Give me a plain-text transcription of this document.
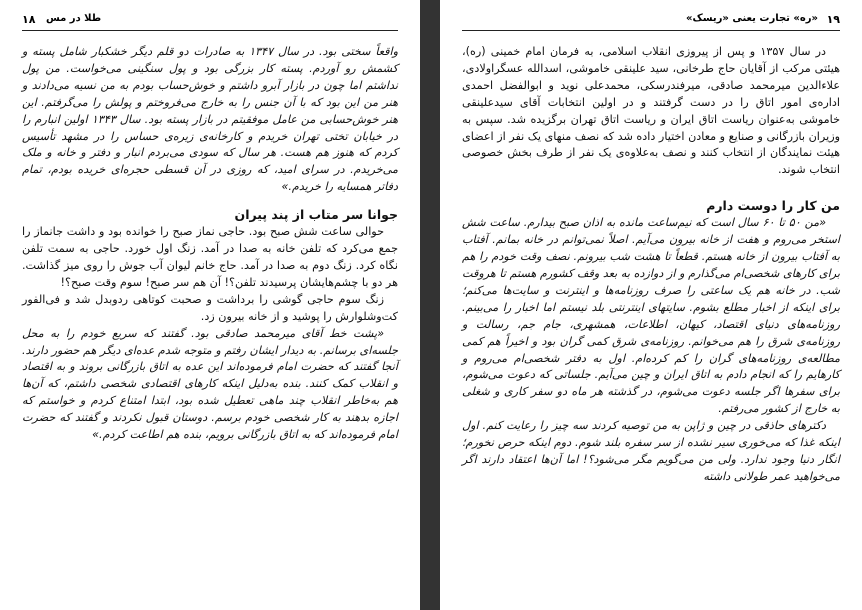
۱۸ طلا در مس

واقعاً سختی بود. در سال ۱۳۴۷ به صادرات دو قلم دیگر خشکبار شامل پسته و کشمش رو آوردم. پسته کار بزرگی بود و پول سنگینی می‌خواست. من پول نداشتم اما چون در بازار آبرو داشتم و خوش‌حساب بودم به من نسیه می‌دادند و هنر من این بود که با آن جنس را به خارج می‌فروختم و پولش را می‌گرفتم. این هنر خوش‌حسابی من عامل موفقیتم در بازار پسته بود. سال ۱۳۴۳ اولین انبارم را در خیابان تختی تهران خریدم و کارخانه‌ی زیره‌ی حساس را در مشهد تأسیس کردم که هنوز هم هست. هر سال که سودی می‌بردم انبار و دفتر و خانه و ملک می‌خریدم. در سرای امید، که روزی در آن قسطی حجره‌ای خریده بودم، تمام دفاتر همسایه را خریدم.»

جوانا سر متاب از پند پیران

حوالی ساعت شش صبح بود. حاجی نماز صبح را خوانده بود و داشت جانماز را جمع می‌کرد که تلفن خانه به صدا در آمد. زنگ اول خورد. حاجی به سمت تلفن نگاه کرد. زنگ دوم به صدا در آمد. حاج خانم لیوان آب جوش را روی میز گذاشت. هر دو با چشم‌هایشان پرسیدند تلفن؟! آن هم سر صبح! سوم وقت صبح؟!

زنگ سوم حاجی گوشی را برداشت و صحبت کوتاهی ردوبدل شد و فی‌الفور کت‌وشلوارش را پوشید و از خانه بیرون زد.

«پشت خط آقای میرمحمد صادقی بود. گفتند که سریع خودم را به محل جلسه‌ای برسانم. به دیدار ایشان رفتم و متوجه شدم عده‌ای دیگر هم حضور دارند. آنجا گفتند که حضرت امام فرموده‌اند این عده به اتاق بازرگانی بروند و به اقتصاد و انقلاب کمک کنند. بنده به‌دلیل اینکه کارهای اقتصادی شخصی داشتم، که آن‌ها هم به‌خاطر انقلاب چند ماهی تعطیل شده بود، ابتدا امتناع کردم و خواستم که اجازه بدهند به کار شخصی خودم برسم. دوستان قبول نکردند و گفتند که حضرت امام فرموده‌اند که به اتاق بازرگانی برویم، بنده هم اطاعت کردم.»

۱۹
«ره» تجارت یعنی «ریسک»

در سال ۱۳۵۷ و پس از پیروزی انقلاب اسلامی، به فرمان امام خمینی (ره)، هیئتی مرکب از آقایان حاج طرخانی، سید علینقی خاموشی، اسدالله عسگراولادی، علاءالدین میرمحمد صادقی، میرفندرسکی، محمدعلی نوید و ابوالفضل احمدی اداره‌ی امور اتاق را در دست گرفتند و در اولین انتخابات آقای سیدعلینقی خاموشی به‌عنوان ریاست اتاق ایران و ریاست اتاق تهران برگزیده شد. سپس به وزیران بازرگانی و صنایع و معادن اختیار داده شد که نصف منهای یک نفر از اعضای هیئت نمایندگان از انتخاب کنند و نصف به‌علاوه‌ی یک نفر از طرف بخش خصوصی انتخاب شوند.

من کار را دوست دارم

«من ۵۰ تا ۶۰ سال است که نیم‌ساعت مانده به اذان صبح بیدارم. ساعت شش استخر می‌روم و هفت از خانه بیرون می‌آیم. اصلاً نمی‌توانم در خانه بمانم. آفتاب به آفتاب بیرون از خانه هستم. قطعاً تا هشت شب بیرونم. نصف وقت خودم را هم برای کارهای شخصی‌ام می‌گذارم و از دوازده به بعد وقف کشورم هستم تا هروقت شب. در خانه هم یک ساعتی را صرف روزنامه‌ها و اینترنت و سایت‌ها می‌کنم؛ برای اینکه از اخبار مطلع بشوم. سایتهای اینترنتی بلد نیستم اما اخبار را می‌بینم. روزنامه‌های دنیای اقتصاد، کیهان، اطلاعات، همشهری، جام جم، رسالت و روزنامه‌ی شرق را هم می‌خوانم. روزنامه‌ی شرق کمی گران بود و اخیراً هم کمی مطالعه‌ی روزنامه‌های گران را کم کرده‌ام. اول به دفتر شخصی‌ام می‌روم و کارهایم را که انجام دادم به اتاق ایران و چین می‌آیم. جلساتی که دعوت می‌شوم، برای سفرها اگر جلسه دعوت می‌شوم، در گذشته هر ماه دو سفر کاری و شغلی به خارج از کشور می‌رفتم.

دکترهای حاذقی در چین و ژاپن به من توصیه کردند سه چیز را رعایت کنم. اول اینکه غذا که می‌خوری سیر نشده از سر سفره بلند شوم. دوم اینکه حرص نخورم؛ انگار دنیا وجود ندارد. ولی من می‌گویم مگر می‌شود؟! اما آن‌ها اعتقاد دارند اگر می‌خواهید عمر طولانی داشته
